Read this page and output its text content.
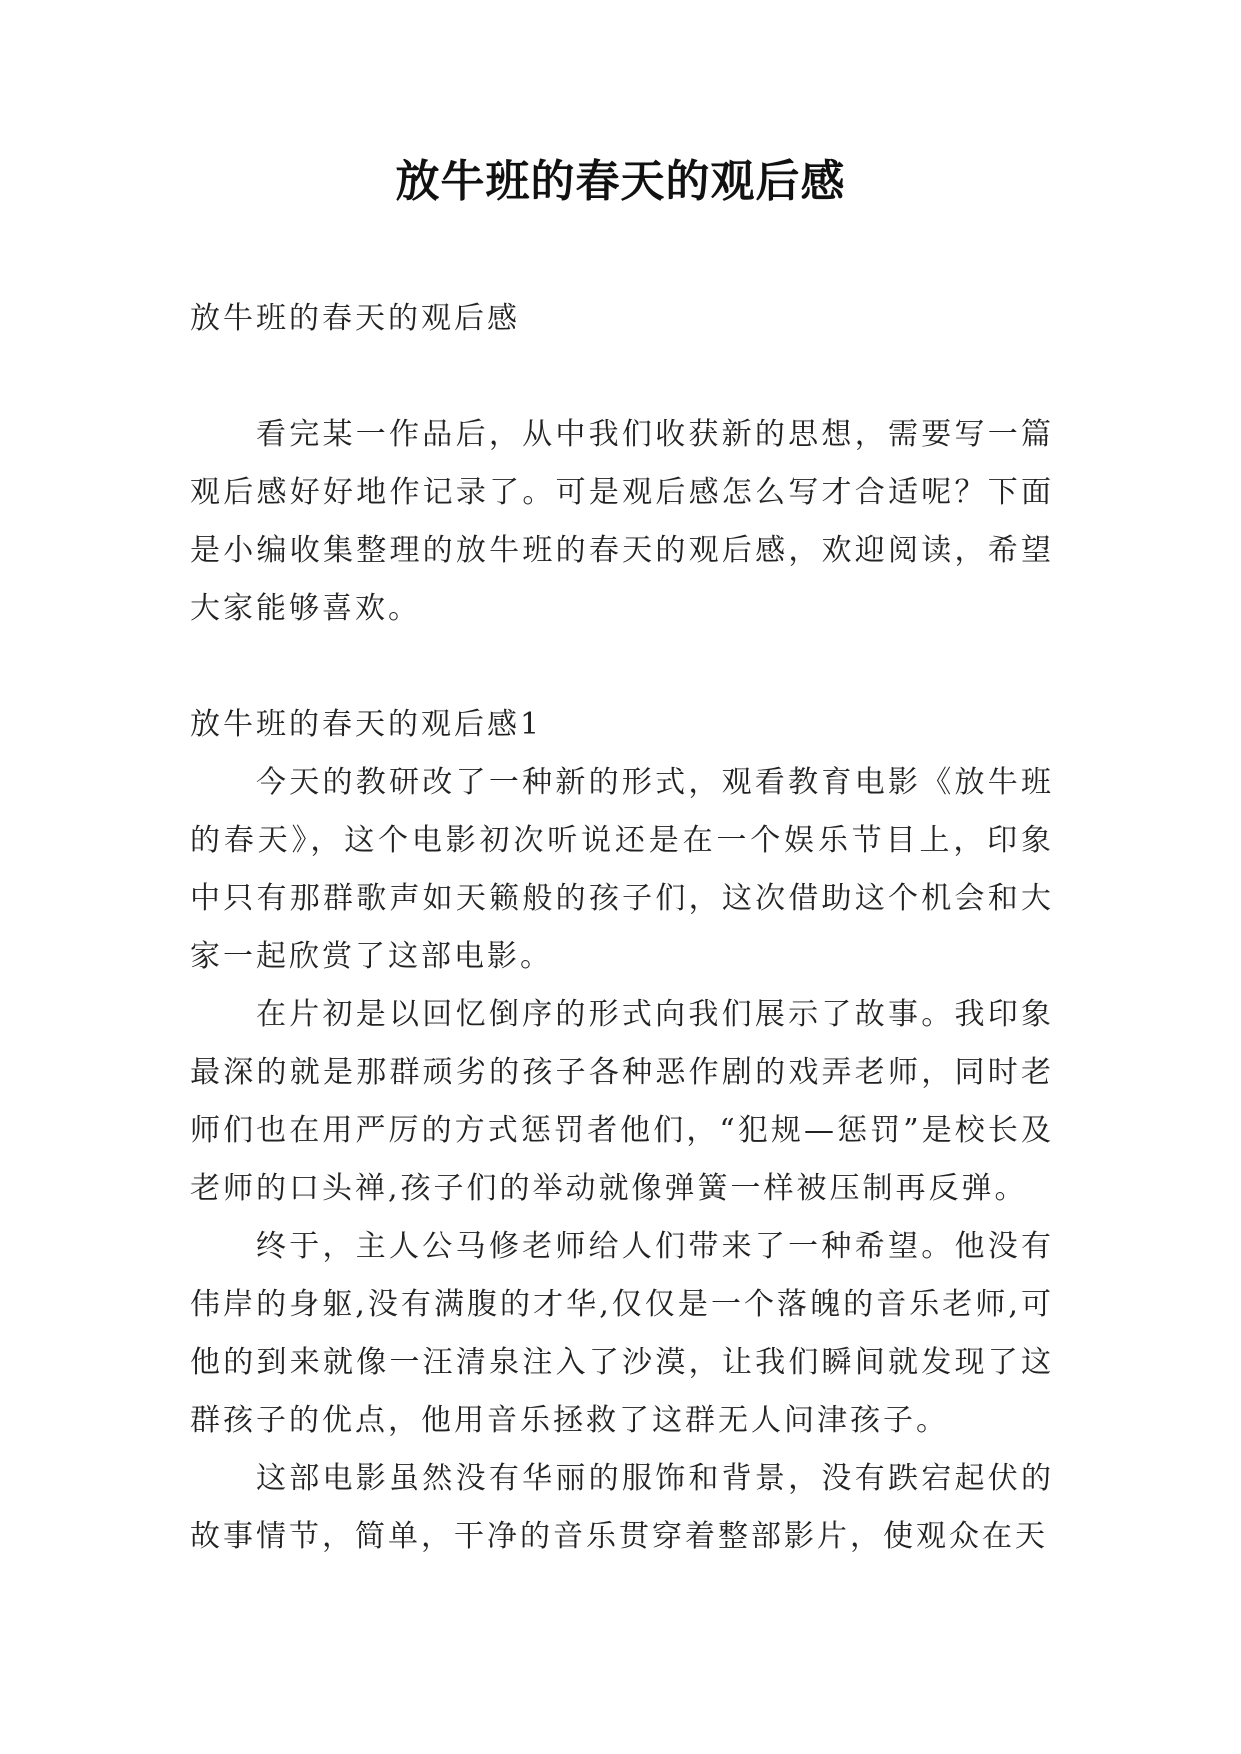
放牛班的春天的观后感
放牛班的春天的观后感
看完某一作品后，从中我们收获新的思想，需要写一篇观后感好好地作记录了。可是观后感怎么写才合适呢？下面是小编收集整理的放牛班的春天的观后感，欢迎阅读，希望大家能够喜欢。
放牛班的春天的观后感1
今天的教研改了一种新的形式，观看教育电影《放牛班的春天》，这个电影初次听说还是在一个娱乐节目上，印象中只有那群歌声如天籁般的孩子们，这次借助这个机会和大家一起欣赏了这部电影。
在片初是以回忆倒序的形式向我们展示了故事。我印象最深的就是那群顽劣的孩子各种恶作剧的戏弄老师，同时老师们也在用严厉的方式惩罚者他们，“犯规—惩罚”是校长及老师的口头禅,孩子们的举动就像弹簧一样被压制再反弹。
终于，主人公马修老师给人们带来了一种希望。他没有伟岸的身躯,没有满腹的才华,仅仅是一个落魄的音乐老师,可他的到来就像一汪清泉注入了沙漠，让我们瞬间就发现了这群孩子的优点，他用音乐拯救了这群无人问津孩子。
这部电影虽然没有华丽的服饰和背景，没有跌宕起伏的故事情节，简单，干净的音乐贯穿着整部影片，使观众在天
